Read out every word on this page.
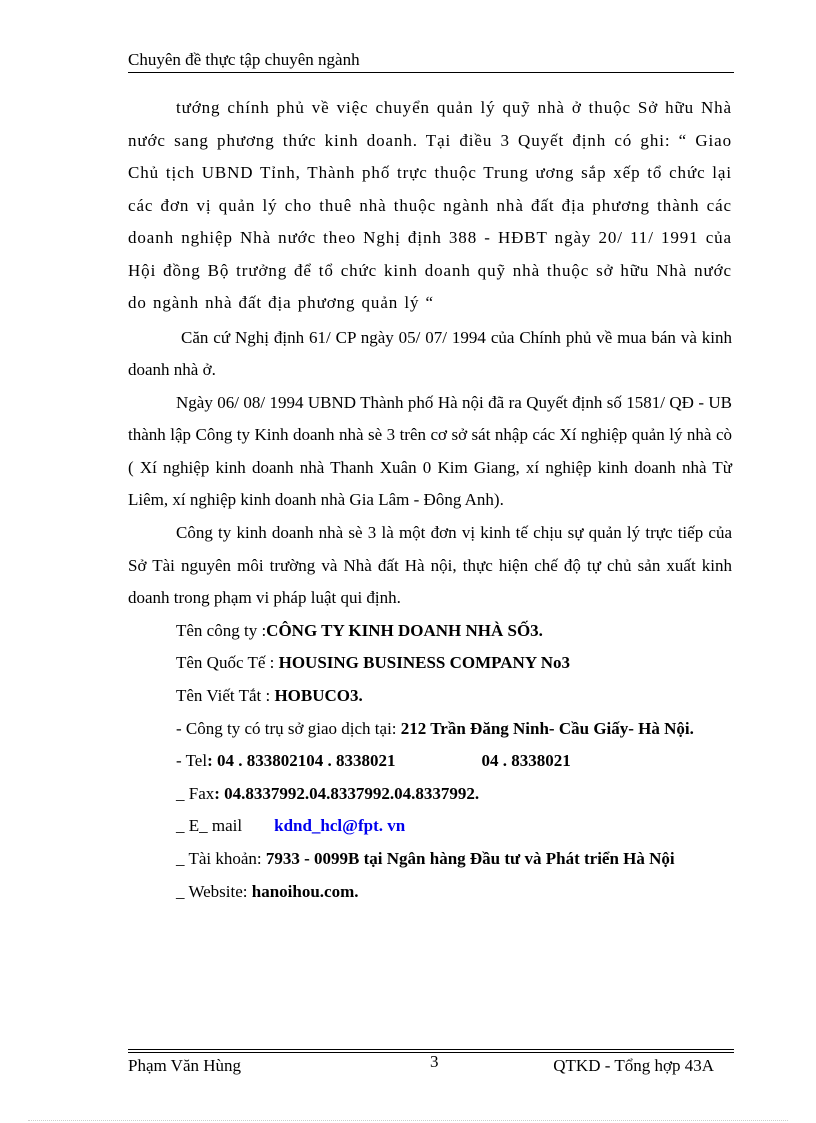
Chuyên đề thực tập chuyên ngành

tướng chính phủ về việc chuyển quản lý quỹ nhà ở thuộc Sở hữu Nhà nước sang phương thức kinh doanh. Tại điều 3 Quyết định có ghi: “ Giao Chủ tịch UBND Tỉnh, Thành phố trực thuộc Trung ương sắp xếp tổ chức lại các đơn vị quản lý cho thuê nhà thuộc ngành nhà đất địa phương thành các doanh nghiệp Nhà nước theo Nghị định 388 - HĐBT ngày 20/ 11/ 1991 của Hội đồng Bộ trưởng để tổ chức kinh doanh quỹ nhà thuộc sở hữu Nhà nước do ngành nhà đất địa phương quản lý “

Căn cứ Nghị định 61/ CP ngày 05/ 07/ 1994 của Chính phủ về mua bán và kinh doanh nhà ở.

Ngày 06/ 08/ 1994 UBND Thành phố Hà nội đã ra Quyết định số 1581/ QĐ - UB thành lập Công ty Kinh doanh nhà sè 3 trên cơ sở sát nhập các Xí nghiệp quản lý nhà cò ( Xí nghiệp kinh doanh nhà Thanh Xuân 0 Kim Giang, xí nghiệp kinh doanh nhà Từ Liêm, xí nghiệp kinh doanh nhà Gia Lâm - Đông Anh).

Công ty kinh doanh nhà sè 3 là một đơn vị kinh tế chịu sự quản lý trực tiếp của Sở Tài nguyên môi trường và Nhà đất Hà nội, thực hiện chế độ tự chủ sản xuất kinh doanh trong phạm vi pháp luật qui định.

Tên công ty :CÔNG TY KINH DOANH NHÀ SỐ3.
Tên Quốc Tế : HOUSING BUSINESS COMPANY No3
Tên Viết Tắt : HOBUCO3.
- Công ty có trụ sở giao dịch tại: 212 Trần Đăng Ninh- Cầu Giấy- Hà Nội.
- Tel: 04 . 833802104 . 8338021	04 . 8338021
_ Fax: 04.8337992.04.8337992.04.8337992.
_ E_ mail kdnd_hcl@fpt. vn

_ Tài khoản: 7933 - 0099B tại Ngân hàng Đầu tư và Phát triển Hà Nội

_ Website: hanoihou.com.
Phạm Văn Hùng	3	QTKD - Tổng hợp 43A
